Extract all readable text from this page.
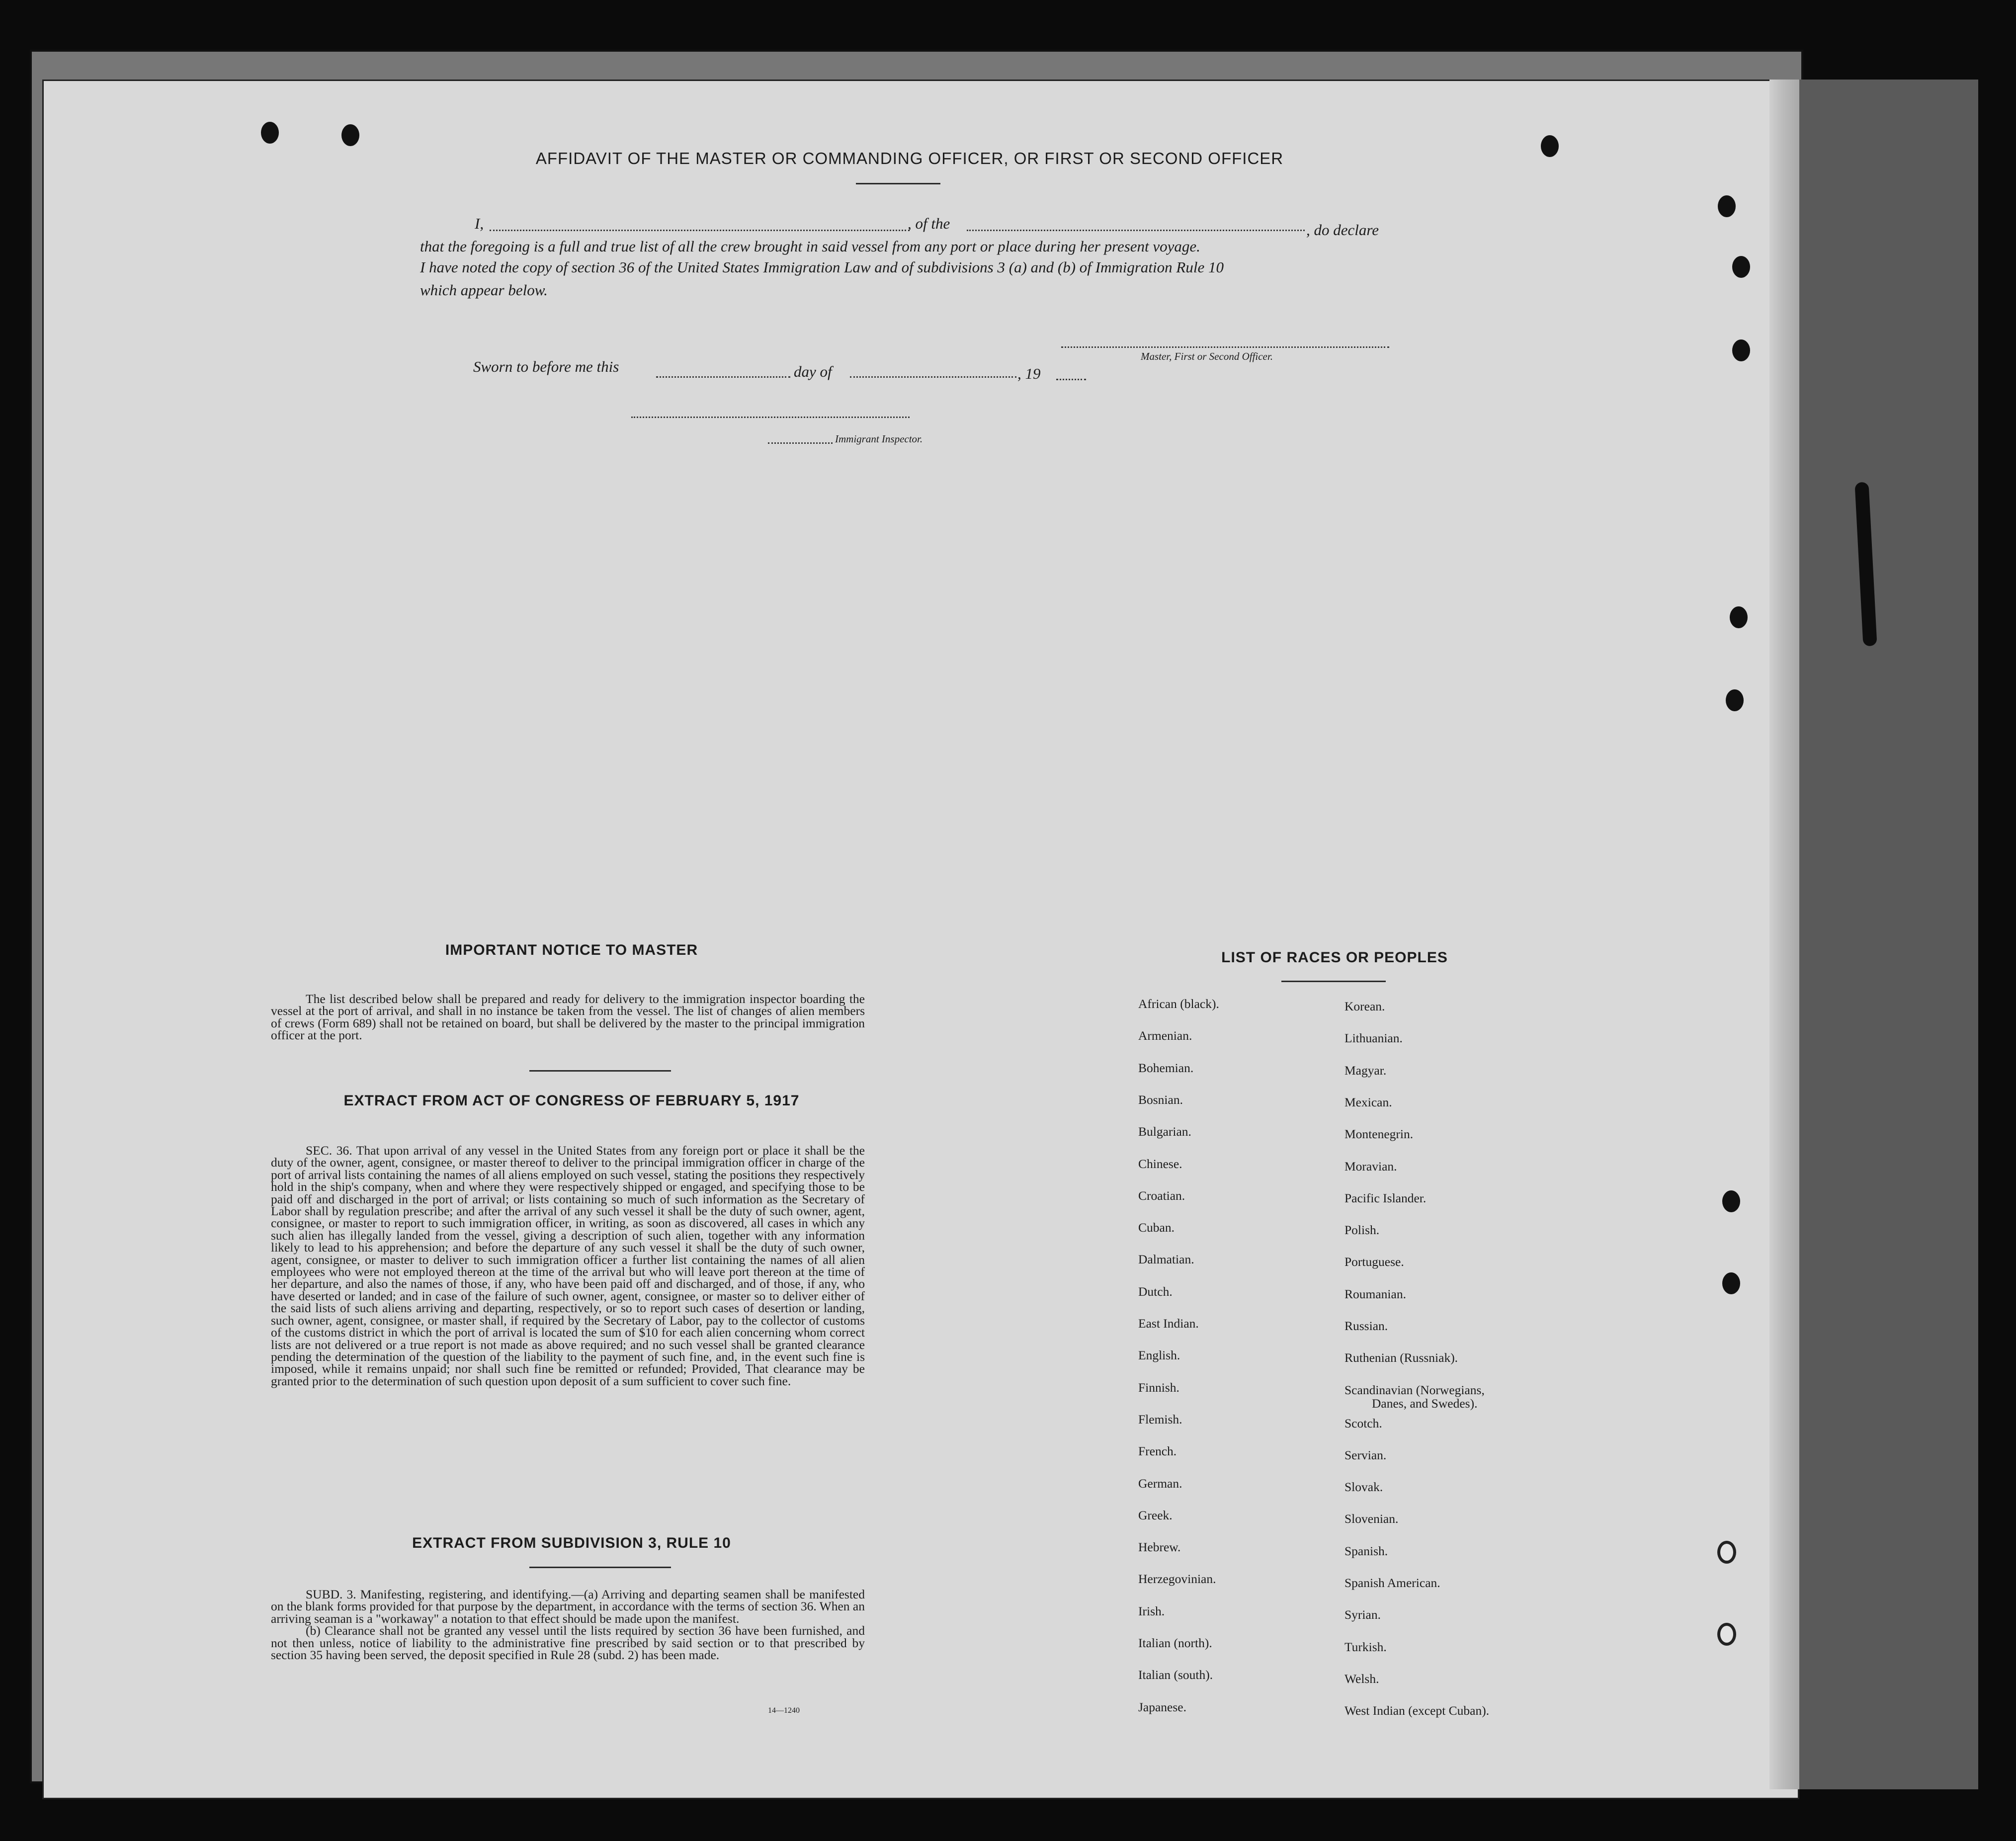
AFFIDAVIT OF THE MASTER OR COMMANDING OFFICER, OR FIRST OR SECOND OFFICER
I,	, of the	, do declare
that the foregoing is a full and true list of all the crew brought in said vessel from any port or place during her present voyage.
I have noted the copy of section 36 of the United States Immigration Law and of subdivisions 3 (a) and (b) of Immigration Rule 10
which appear below.
Master, First or Second Officer.
Sworn to before me this	day of	, 19
Immigrant Inspector.
IMPORTANT NOTICE TO MASTER

The list described below shall be prepared and ready for delivery to the immigration inspector boarding the vessel at the port of arrival, and shall in no instance be taken from the vessel. The list of changes of alien members of crews (Form 689) shall not be retained on board, but shall be delivered by the master to the principal immigration officer at the port.

EXTRACT FROM ACT OF CONGRESS OF FEBRUARY 5, 1917

SEC. 36. That upon arrival of any vessel in the United States from any foreign port or place it shall be the duty of the owner, agent, consignee, or master thereof to deliver to the principal immigration officer in charge of the port of arrival lists containing the names of all aliens employed on such vessel, stating the positions they respectively hold in the ship's company, when and where they were respectively shipped or engaged, and specifying those to be paid off and discharged in the port of arrival; or lists containing so much of such information as the Secretary of Labor shall by regulation prescribe; and after the arrival of any such vessel it shall be the duty of such owner, agent, consignee, or master to report to such immigration officer, in writing, as soon as discovered, all cases in which any such alien has illegally landed from the vessel, giving a description of such alien, together with any information likely to lead to his apprehension; and before the departure of any such vessel it shall be the duty of such owner, agent, consignee, or master to deliver to such immigration officer a further list containing the names of all alien employees who were not employed thereon at the time of the arrival but who will leave port thereon at the time of her departure, and also the names of those, if any, who have been paid off and discharged, and of those, if any, who have deserted or landed; and in case of the failure of such owner, agent, consignee, or master so to deliver either of the said lists of such aliens arriving and departing, respectively, or so to report such cases of desertion or landing, such owner, agent, consignee, or master shall, if required by the Secretary of Labor, pay to the collector of customs of the customs district in which the port of arrival is located the sum of $10 for each alien concerning whom correct lists are not delivered or a true report is not made as above required; and no such vessel shall be granted clearance pending the determination of the question of the liability to the payment of such fine, and, in the event such fine is imposed, while it remains unpaid; nor shall such fine be remitted or refunded; Provided, That clearance may be granted prior to the determination of such question upon deposit of a sum sufficient to cover such fine.

EXTRACT FROM SUBDIVISION 3, RULE 10

SUBD. 3. Manifesting, registering, and identifying.—(a) Arriving and departing seamen shall be manifested on the blank forms provided for that purpose by the department, in accordance with the terms of section 36. When an arriving seaman is a "workaway" a notation to that effect should be made upon the manifest.

(b) Clearance shall not be granted any vessel until the lists required by section 36 have been furnished, and not then unless, notice of liability to the administrative fine prescribed by said section or to that prescribed by section 35 having been served, the deposit specified in Rule 28 (subd. 2) has been made.

14—1240
LIST OF RACES OR PEOPLES
African (black).
Armenian.
Bohemian.
Bosnian.
Bulgarian.
Chinese.
Croatian.
Cuban.
Dalmatian.
Dutch.
East Indian.
English.
Finnish.
Flemish.
French.
German.
Greek.
Hebrew.
Herzegovinian.
Irish.
Italian (north).
Italian (south).
Japanese.
Korean.
Lithuanian.
Magyar.
Mexican.
Montenegrin.
Moravian.
Pacific Islander.
Polish.
Portuguese.
Roumanian.
Russian.
Ruthenian (Russniak).
Scandinavian (Norwegians,
Danes, and Swedes).
Scotch.
Servian.
Slovak.
Slovenian.
Spanish.
Spanish American.
Syrian.
Turkish.
Welsh.
West Indian (except Cuban).
